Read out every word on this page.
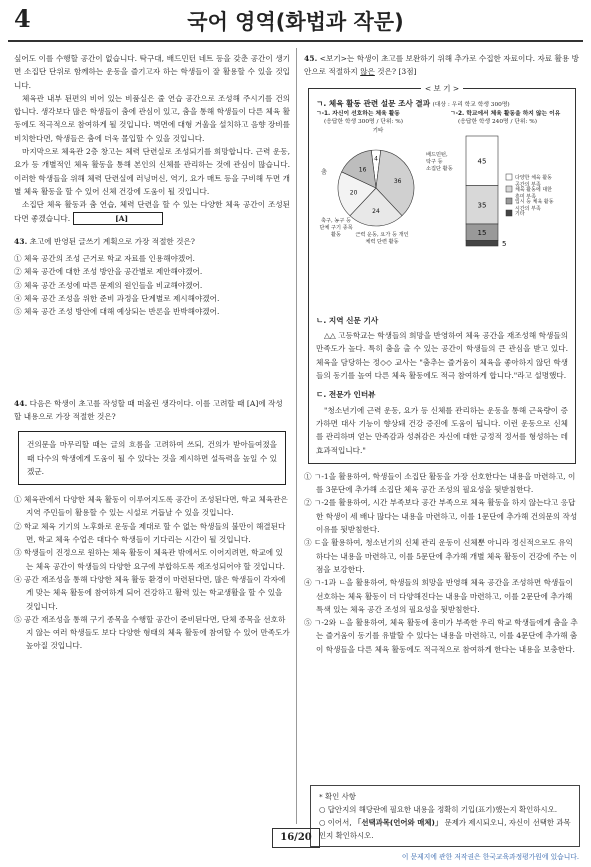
4	국어 영역(화법과 작문)

싶어도 이를 수행할 공간이 없습니다. 탁구대, 배드민턴 네트 등을 갖춘 공간이 생기면 소집단 단위로 함께하는 운동을 즐기고자 하는 학생들이 잘 활용할 수 있을 것입니다.

체육관 내부 된편의 비어 있는 비품실은 줄 연습 공간으로 조성해 주시기를 건의합니다. 생각보다 많은 학생들이 춤에 관심이 있고, 춤을 통해 학생들이 다른 체육 활동에도 적극적으로 참여하게 될 것입니다. 벽면에 대형 거울을 설치하고 음향 장비를 비치한다면, 학생들은 춤에 더욱 몰입할 수 있을 것입니다.

마지막으로 체육관 2층 창고는 체력 단련실로 조성되기를 희망합니다. 근력 운동, 요가 등 개별적인 체육 활동을 통해 본인의 신체를 관리하는 것에 관심이 많습니다. 이러한 학생들을 위해 체력 단련실에 러닝머신, 역기, 요가 매트 등을 구비해 두면 개별 체육 활동을 할 수 있어 신체 건강에 도움이 될 것입니다.

소집단 체육 활동과 춤 연습, 체력 단련을 할 수 있는 다양한 체육 공간이 조성된다면 좋겠습니다.	[A]

43. 초고에 반영된 글쓰기 계획으로 가장 적절한 것은?

① 체육 공간의 조성 근거로 학교 자료를 인용해야겠어.
② 체육 공간에 대한 조성 방안을 공간별로 제안해야겠어.
③ 체육 공간 조성에 따른 문제의 원인들을 비교해야겠어.
④ 체육 공간 조성을 위한 준비 과정을 단계별로 제시해야겠어.
⑤ 체육 공간 조성 방안에 대해 예상되는 반론을 반박해야겠어.

44. 다음은 학생이 초고를 작성할 때 떠올린 생각이다. 이를 고려할 때 [A]에 작성할 내용으로 가장 적절한 것은?

건의문을 마무리할 때는 글의 흐름을 고려하여 쓰되, 건의가 받아들여졌을 때 다수의 학생에게 도움이 될 수 있다는 것을 제시하면 설득력을 높일 수 있겠군.
① 체육관에서 다양한 체육 활동이 이루어지도록 공간이 조성된다면, 학교 체육관은 지역 주민들이 활용할 수 있는 시설로 거듭날 수 있을 것입니다.
② 학교 체육 기기의 노후화로 운동을 제대로 할 수 없는 학생들의 불만이 해결된다면, 학교 체육 수업은 대다수 학생들이 기다리는 시간이 될 것입니다.
③ 학생들이 진정으로 원하는 체육 활동이 체육관 밖에서도 이어지려면, 학교에 있는 체육 공간이 학생들의 다양한 요구에 부합하도록 재조성되어야 할 것입니다.
④ 공간 재조성을 통해 다양한 체육 활동 환경이 마련된다면, 많은 학생들이 각자에게 맞는 체육 활동에 참여하게 되어 건강하고 활력 있는 학교생활을 할 수 있을 것입니다.
⑤ 공간 재조성을 통해 구기 종목을 수행할 공간이 준비된다면, 단체 종목을 선호하지 않는 여러 학생들도 보다 다양한 형태의 체육 활동에 참여할 수 있어 만족도가 높아질 것입니다.

45. <보기>는 학생이 초고를 보완하기 위해 추가로 수집한 자료이다. 자료 활용 방안으로 적절하지 않은 것은? [3점]

< 보 기 >
ㄱ. 체육 활동 관련 설문 조사 결과 (대상 : 우리 학교 학생 300명)
ㄱ-1. 자신이 선호하는 체육 활동
(응답한 학생 300명 / 단위: %)
ㄱ-2. 학교에서 체육 활동을 하지 않는 이유
(응답한 학생 240명 / 단위: %)
4
36
24
20
16
기타
배드민턴, 탁구 등 소집단 활동
근력 운동, 요가 등 개인 체력 단련 활동
춤
축구, 농구 등 단체 구기 종목 활동
45
35
15
5
다양한 체육 활동 공간의 부족
체육 활동에 대한 흥미 부족
입시 등 체육 활동 시간의 부족
기타
ㄴ. 지역 신문 기사

△△ 고등학교는 학생들의 희망을 반영하여 체육 공간을 재조성해 학생들의 만족도가 높다. 특히 춤을 출 수 있는 공간이 학생들의 큰 관심을 받고 있다. 체육을 담당하는 정◇◇ 교사는 "춤추는 즐거움이 체육을 좋아하지 않던 학생들의 동기를 높여 다른 체육 활동에도 적극 참여하게 합니다."라고 설명했다.

ㄷ. 전문가 인터뷰

"청소년기에 근력 운동, 요가 등 신체를 관리하는 운동을 통해 근육량이 증가하면 대사 기능이 향상돼 건강 증진에 도움이 됩니다. 이런 운동으로 신체를 관리하며 얻는 만족감과 성취감은 자신에 대한 긍정적 정서를 형성하는 데 효과적입니다."

① ㄱ-1을 활용하여, 학생들이 소집단 활동을 가장 선호한다는 내용을 마련하고, 이를 3문단에 추가해 소집단 체육 공간 조성의 필요성을 뒷받침한다.
② ㄱ-2를 활용하여, 시간 부족보다 공간 부족으로 체육 활동을 하지 않는다고 응답한 학생이 세 배나 많다는 내용을 마련하고, 이를 1문단에 추가해 건의문의 작성 이유를 뒷받침한다.
③ ㄷ을 활용하여, 청소년기의 신체 관리 운동이 신체뿐 아니라 정신적으로도 유익하다는 내용을 마련하고, 이를 5문단에 추가해 개별 체육 활동이 건강에 주는 이점을 보강한다.
④ ㄱ-1과 ㄴ을 활용하여, 학생들의 희망을 반영해 체육 공간을 조성하면 학생들이 선호하는 체육 활동이 더 다양해진다는 내용을 마련하고, 이를 2문단에 추가해 특색 있는 체육 공간 조성의 필요성을 뒷받침한다.
⑤ ㄱ-2와 ㄴ을 활용하여, 체육 활동에 흥미가 부족한 우리 학교 학생들에게 춤을 추는 즐거움이 동기를 유발할 수 있다는 내용을 마련하고, 이를 4문단에 추가해 춤이 학생들을 다른 체육 활동에도 적극적으로 참여하게 한다는 내용을 보충한다.
* 확인 사항
○ 답안지의 해당란에 필요한 내용을 정확히 기입(표기)했는지 확인하시오.
○ 이어서, 「선택과목(언어와 매체)」 문제가 제시되오니, 자신이 선택한 과목인지 확인하시오.
16/20
이 문제지에 관한 저작권은 한국교육과정평가원에 있습니다.
